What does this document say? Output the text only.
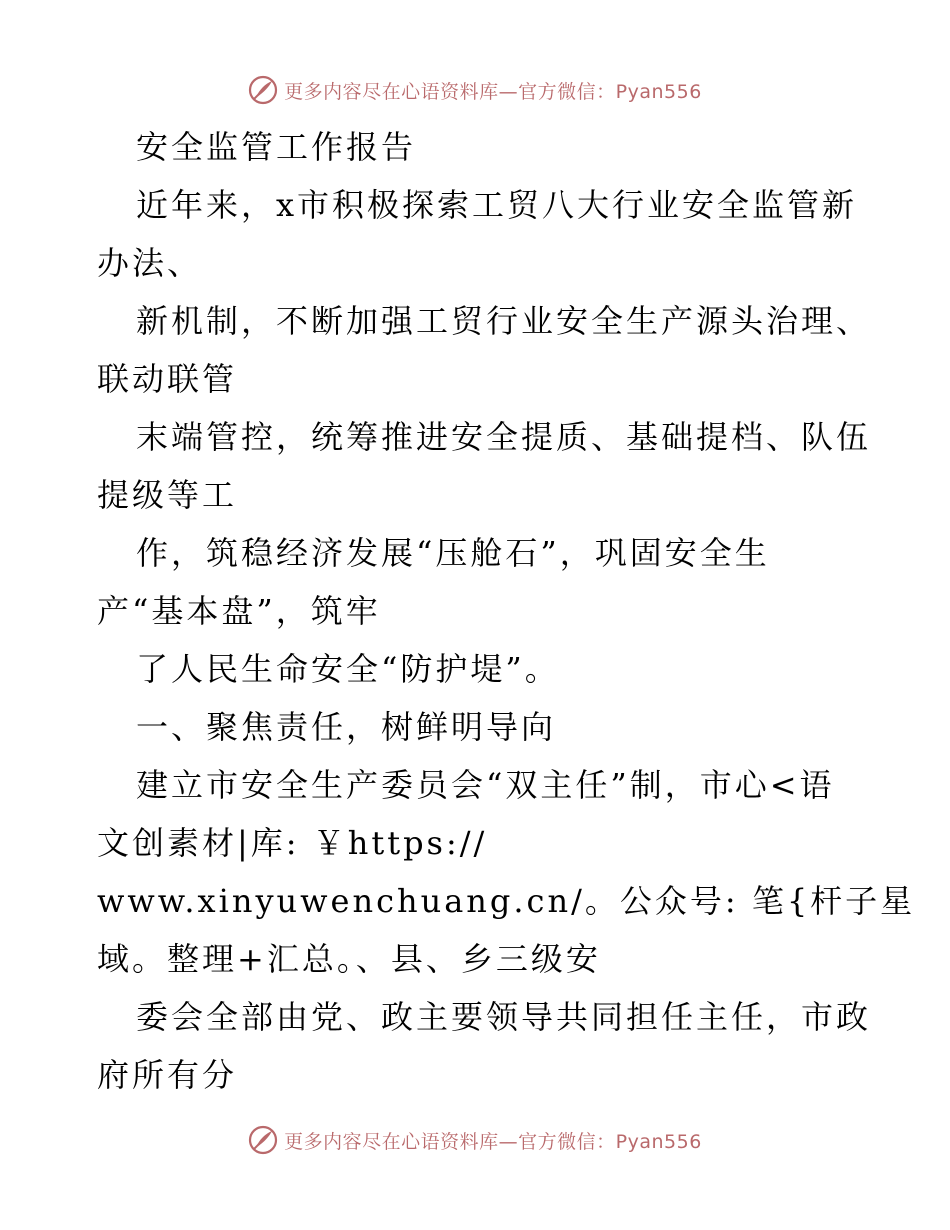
更多内容尽在心语资料库—官方微信：Pyan556
安全监管工作报告
近年来，x市积极探索工贸八大行业安全监管新
办法、
新机制，不断加强工贸行业安全生产源头治理、
联动联管
末端管控，统筹推进安全提质、基础提档、队伍
提级等工
作，筑稳经济发展“压舱石”，巩固安全生
产“基本盘”，筑牢
了人民生命安全“防护堤”。
一、聚焦责任，树鲜明导向
建立市安全生产委员会“双主任”制，市心<语
文创素材|库: ￥https://
www.xinyuwenchuang.cn/。公众号: 笔{杆子星
域。整理+汇总。、县、乡三级安
委会全部由党、政主要领导共同担任主任，市政
府所有分
更多内容尽在心语资料库—官方微信：Pyan556
